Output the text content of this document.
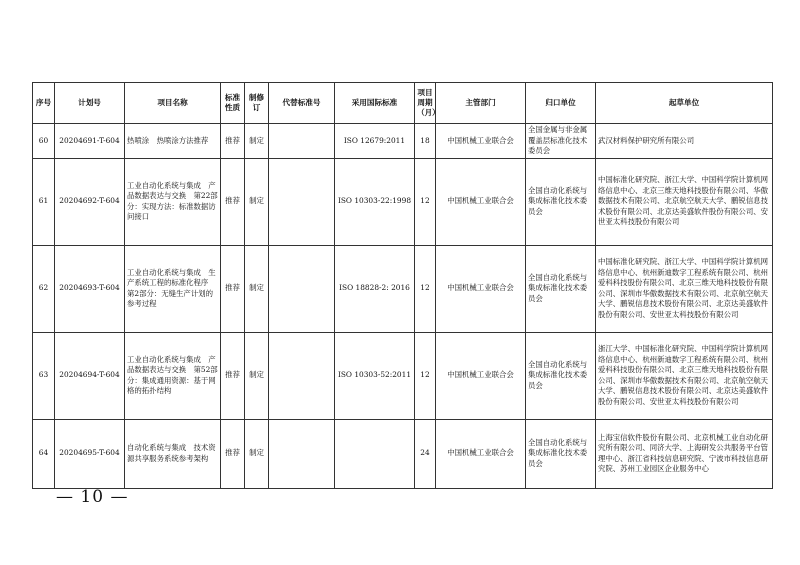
序号	计划号	项目名称	标准性质	制修订	代替标准号	采用国际标准	项目周期（月）	主管部门	归口单位	起草单位
60	20204691-T-604	热喷涂　热喷涂方法推荐	推荐	制定		ISO 12679:2011	18	中国机械工业联合会	全国金属与非金属覆盖层标准化技术委员会	武汉材料保护研究所有限公司
61	20204692-T-604	工业自动化系统与集成　产品数据表达与交换　第22部分：实现方法：标准数据访问接口	推荐	制定		ISO 10303-22:1998	12	中国机械工业联合会	全国自动化系统与集成标准化技术委员会	中国标准化研究院、浙江大学、中国科学院计算机网络信息中心、北京三维天地科技股份有限公司、华傲数据技术有限公司、北京航空航天大学、鹏锐信息技术股份有限公司、北京达美盛软件股份有限公司、安世亚太科技股份有限公司
62	20204693-T-604	工业自动化系统与集成　生产系统工程的标准化程序　第2部分：无缝生产计划的参考过程	推荐	制定		ISO 18828-2: 2016	12	中国机械工业联合会	全国自动化系统与集成标准化技术委员会	中国标准化研究院、浙江大学、中国科学院计算机网络信息中心、杭州新迪数字工程系统有限公司、杭州爱科科技股份有限公司、北京三维天地科技股份有限公司、深圳市华傲数据技术有限公司、北京航空航天大学、鹏锐信息技术股份有限公司、北京达美盛软件股份有限公司、安世亚太科技股份有限公司
63	20204694-T-604	工业自动化系统与集成　产品数据表达与交换　第52部分：集成通用资源：基于网格的拓扑结构	推荐	制定		ISO 10303-52:2011	12	中国机械工业联合会	全国自动化系统与集成标准化技术委员会	浙江大学、中国标准化研究院、中国科学院计算机网络信息中心、杭州新迪数字工程系统有限公司、杭州爱科科技股份有限公司、北京三维天地科技股份有限公司、深圳市华傲数据技术有限公司、北京航空航天大学、鹏锐信息技术股份有限公司、北京达美盛软件股份有限公司、安世亚太科技股份有限公司
64	20204695-T-604	自动化系统与集成　技术资源共享服务系统参考架构	推荐	制定			24	中国机械工业联合会	全国自动化系统与集成标准化技术委员会	上海宝信软件股份有限公司、北京机械工业自动化研究所有限公司、同济大学、上海研发公共服务平台管理中心、浙江省科技信息研究院、宁波市科技信息研究院、苏州工业园区企业服务中心
— 10 —
